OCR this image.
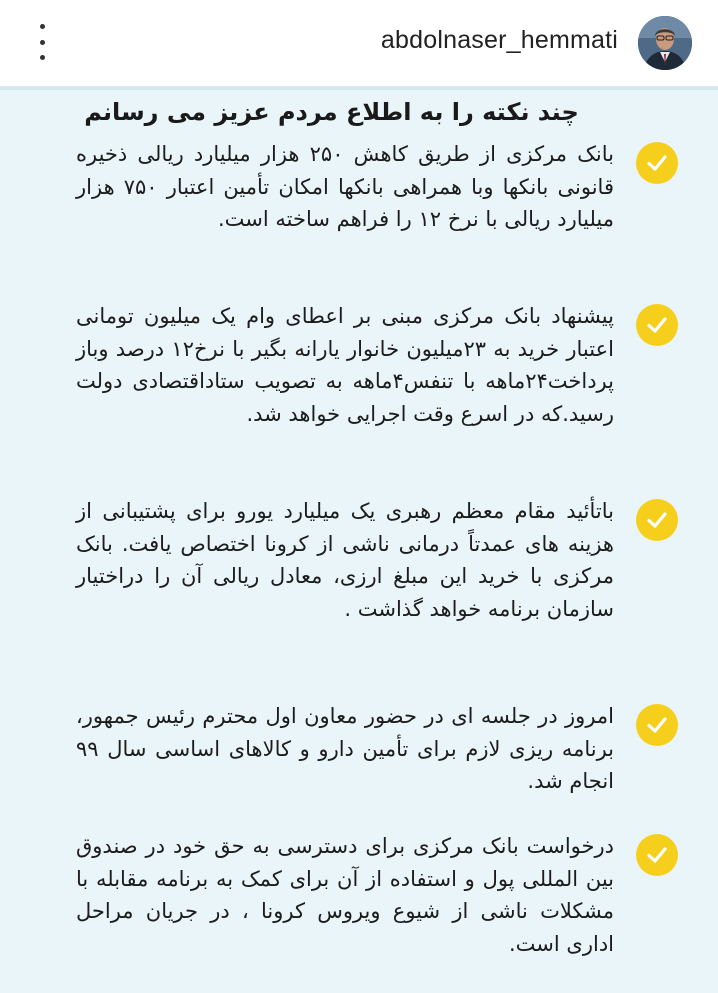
abdolnaser_hemmati
چند نکته را به اطلاع مردم عزیز می رسانم

بانک مرکزی از طریق کاهش ۲۵۰ هزار میلیارد ریالی ذخیره قانونی بانکها وبا همراهی بانکها امکان تأمین اعتبار ۷۵۰ هزار میلیارد ریالی با نرخ ۱۲ را فراهم ساخته است.

پیشنهاد بانک مرکزی مبنی بر اعطای وام یک میلیون تومانی اعتبار خرید به ۲۳میلیون خانوار یارانه بگیر با نرخ۱۲ درصد وباز پرداخت۲۴ماهه با تنفس۴ماهه به تصویب ستاداقتصادی دولت رسید.که در اسرع وقت اجرایی خواهد شد.

باتأئید مقام معظم رهبری یک میلیارد یورو برای پشتیبانی از هزینه های عمدتاً درمانی ناشی از کرونا اختصاص یافت. بانک مرکزی با خرید این مبلغ ارزی، معادل ریالی آن را دراختیار سازمان برنامه خواهد گذاشت .

امروز در جلسه ای در حضور معاون اول محترم رئیس جمهور، برنامه ریزی لازم برای تأمین دارو و کالاهای اساسی سال ۹۹ انجام شد.

درخواست بانک مرکزی برای دسترسی به حق خود در صندوق بین المللی پول و استفاده از آن برای کمک به برنامه مقابله با مشکلات ناشی از شیوع ویروس کرونا ، در جریان مراحل اداری است.
